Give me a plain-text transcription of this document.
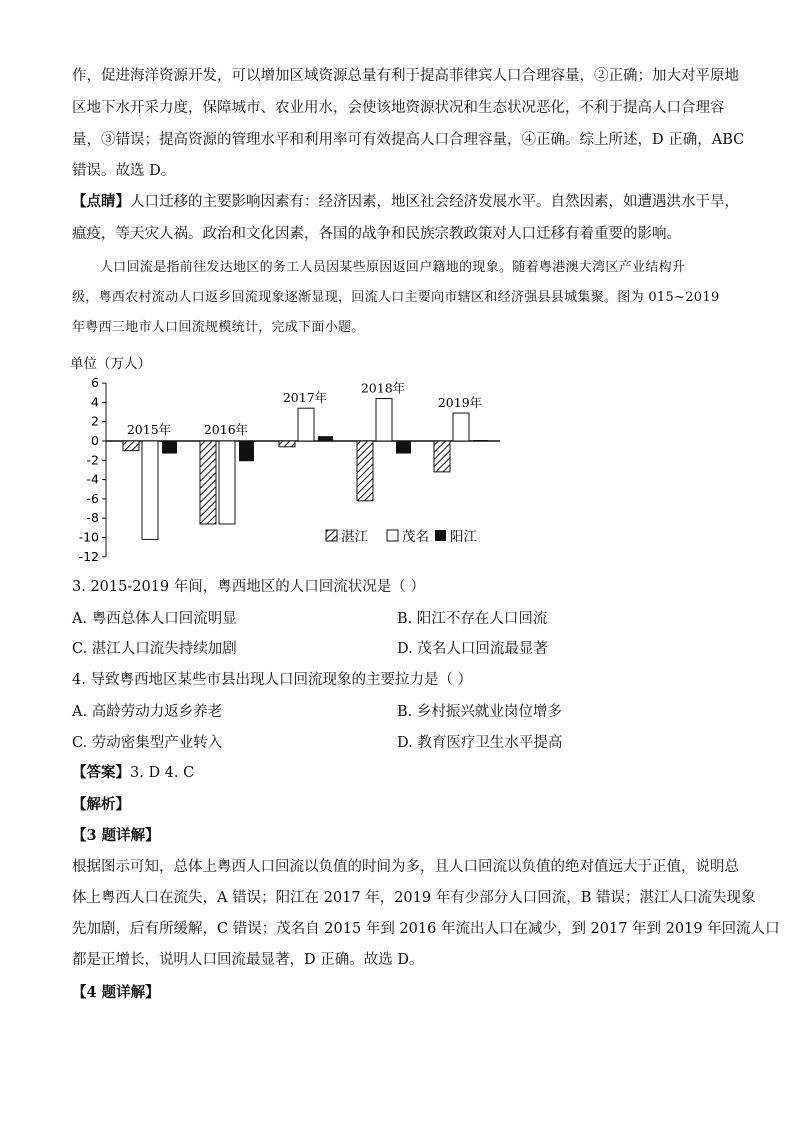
作，促进海洋资源开发，可以增加区域资源总量有利于提高菲律宾人口合理容量，②正确；加大对平原地
区地下水开采力度，保障城市、农业用水，会使该地资源状况和生态状况恶化，不利于提高人口合理容
量，③错误；提高资源的管理水平和利用率可有效提高人口合理容量，④正确。综上所述，D 正确，ABC
错误。故选 D。
【点睛】人口迁移的主要影响因素有：经济因素，地区社会经济发展水平。自然因素，如遭遇洪水干旱，
瘟疫，等天灾人祸。政治和文化因素，各国的战争和民族宗教政策对人口迁移有着重要的影响。
人口回流是指前往发达地区的务工人员因某些原因返回户籍地的现象。随着粤港澳大湾区产业结构升
级，粤西农村流动人口返乡回流现象逐渐显现，回流人口主要向市辖区和经济强县县城集聚。图为 015~2019
年粤西三地市人口回流规模统计，完成下面小题。
单位（万人）
6
4
2
0
-2
-4
-6
-8
-10
-12
2015年	2016年
2017年
2018年
2019年
湛江	茂名 阳江
3. 2015-2019 年间，粤西地区的人口回流状况是（ ）
A. 粤西总体人口回流明显	B. 阳江不存在人口回流
C. 湛江人口流失持续加剧	D. 茂名人口回流最显著
4. 导致粤西地区某些市县出现人口回流现象的主要拉力是（ ）
A. 高龄劳动力返乡养老	B. 乡村振兴就业岗位增多
C. 劳动密集型产业转入	D. 教育医疗卫生水平提高
【答案】3. D 4. C
【解析】
【3 题详解】
根据图示可知，总体上粤西人口回流以负值的时间为多，且人口回流以负值的绝对值远大于正值，说明总
体上粤西人口在流失，A 错误；阳江在 2017 年，2019 年有少部分人口回流，B 错误；湛江人口流失现象
先加剧，后有所缓解，C 错误；茂名自 2015 年到 2016 年流出人口在减少，到 2017 年到 2019 年回流人口
都是正增长，说明人口回流最显著，D 正确。故选 D。
【4 题详解】
